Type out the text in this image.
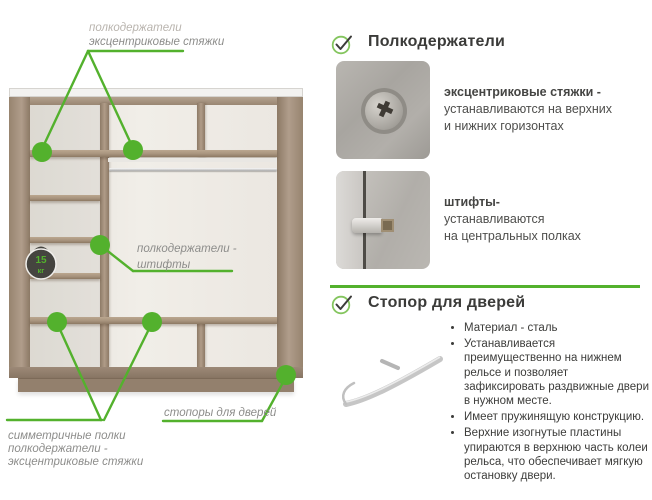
15
кг
полкодержатели
эксцентриковые стяжки
полкодержатели -
штифты
симметричные полки
полкодержатели -
эксцентриковые стяжки
стопоры для дверей
Полкодержатели
эксцентриковые стяжки -
устанавливаются на верхних
и нижних горизонтах
штифты-
устанавливаются
на центральных полках
Стопор для дверей
• Материал - сталь
• Устанавливается преимущественно на нижнем рельсе и позволяет зафиксировать раздвижные двери в нужном месте.
• Имеет пружинящую конструкцию.
• Верхние изогнутые пластины упираются в верхнюю часть колеи рельса, что обеспечивает мягкую остановку двери.
